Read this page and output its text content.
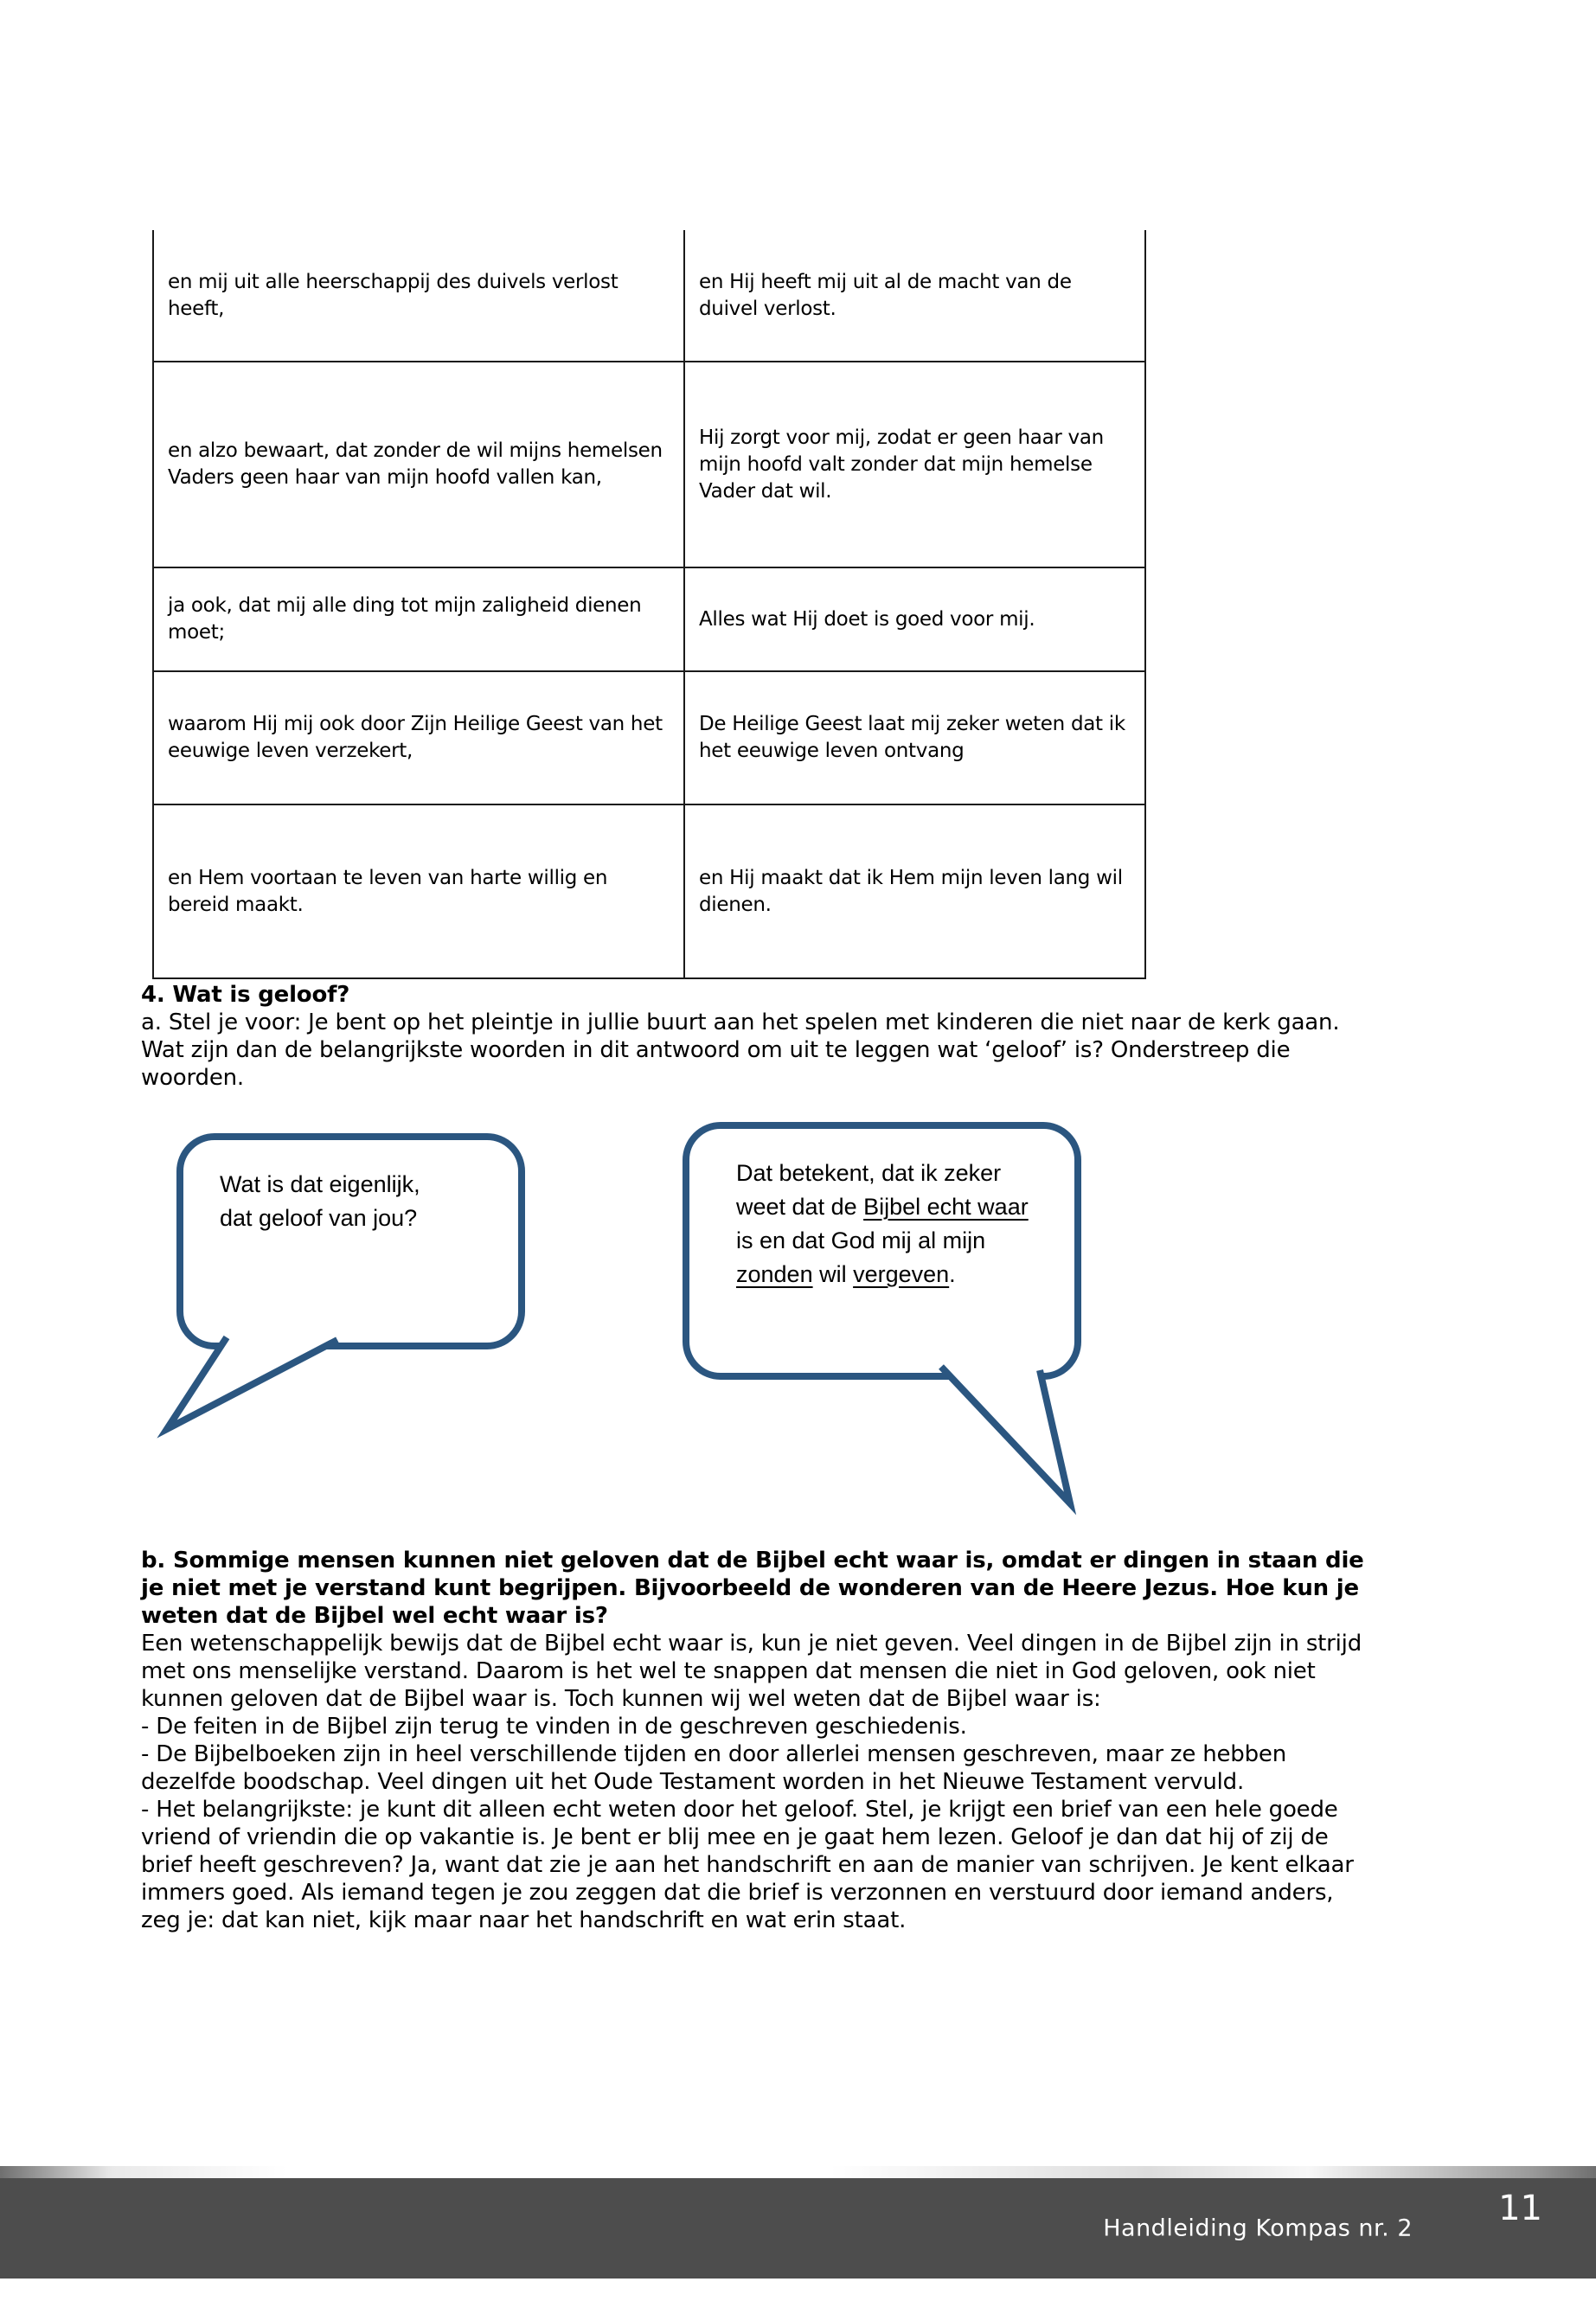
en mij uit alle heerschappij des duivels verlost heeft,	en Hij heeft mij uit al de macht van de duivel verlost.
en alzo bewaart, dat zonder de wil mijns hemelsen Vaders geen haar van mijn hoofd vallen kan,	Hij zorgt voor mij, zodat er geen haar van mijn hoofd valt zonder dat mijn hemelse Vader dat wil.
ja ook, dat mij alle ding tot mijn zaligheid dienen moet;	Alles wat Hij doet is goed voor mij.
waarom Hij mij ook door Zijn Heilige Geest van het eeuwige leven verzekert,	De Heilige Geest laat mij zeker weten dat ik het eeuwige leven ontvang
en Hem voortaan te leven van harte willig en bereid maakt.	en Hij maakt dat ik Hem mijn leven lang wil dienen.
4. Wat is geloof?
a. Stel je voor: Je bent op het pleintje in jullie buurt aan het spelen met kinderen die niet naar de kerk gaan. Wat zijn dan de belangrijkste woorden in dit antwoord om uit te leggen wat ‘geloof’ is? Onderstreep die woorden.
Wat is dat eigenlijk,
dat geloof van jou?
Dat betekent, dat ik zeker
weet dat de Bijbel echt waar
is en dat God mij al mijn
zonden wil vergeven.
b. Sommige mensen kunnen niet geloven dat de Bijbel echt waar is, omdat er dingen in staan die je niet met je verstand kunt begrijpen. Bijvoorbeeld de wonderen van de Heere Jezus. Hoe kun je weten dat de Bijbel wel echt waar is?
Een wetenschappelijk bewijs dat de Bijbel echt waar is, kun je niet geven. Veel dingen in de Bijbel zijn in strijd met ons menselijke verstand. Daarom is het wel te snappen dat mensen die niet in God geloven, ook niet kunnen geloven dat de Bijbel waar is. Toch kunnen wij wel weten dat de Bijbel waar is:
- De feiten in de Bijbel zijn terug te vinden in de geschreven geschiedenis.
- De Bijbelboeken zijn in heel verschillende tijden en door allerlei mensen geschreven, maar ze hebben dezelfde boodschap. Veel dingen uit het Oude Testament worden in het Nieuwe Testament vervuld.
- Het belangrijkste: je kunt dit alleen echt weten door het geloof. Stel, je krijgt een brief van een hele goede vriend of vriendin die op vakantie is. Je bent er blij mee en je gaat hem lezen. Geloof je dan dat hij of zij de brief heeft geschreven? Ja, want dat zie je aan het handschrift en aan de manier van schrijven. Je kent elkaar immers goed. Als iemand tegen je zou zeggen dat die brief is verzonnen en verstuurd door iemand anders, zeg je: dat kan niet, kijk maar naar het handschrift en wat erin staat.
Handleiding Kompas nr. 2 11
